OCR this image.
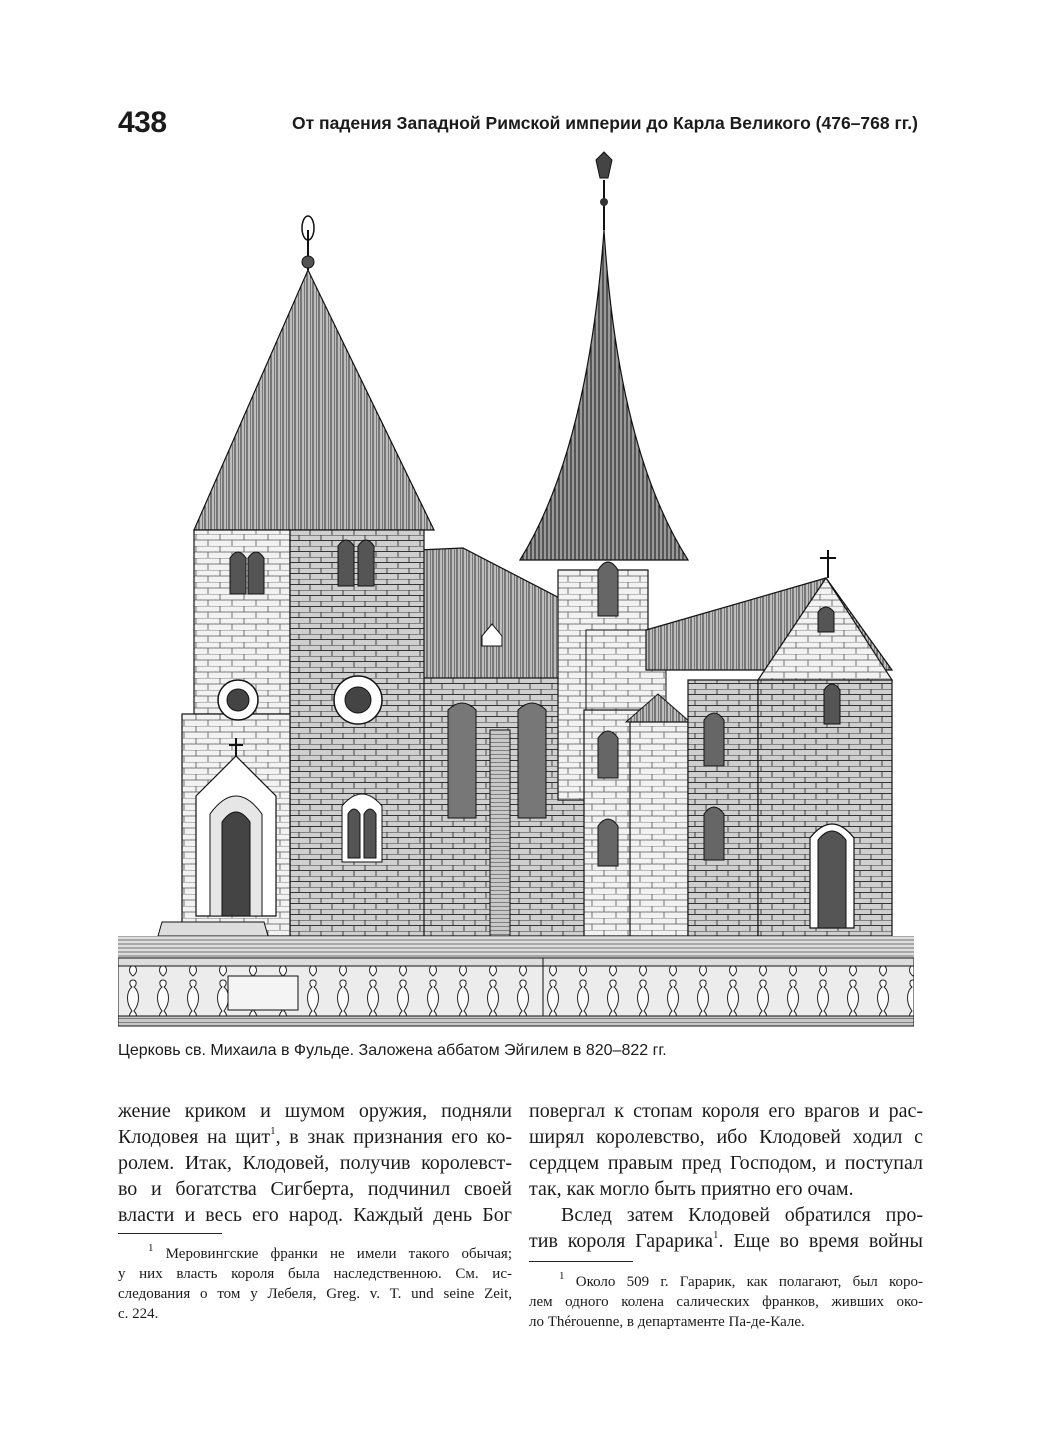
438	От падения Западной Римской империи до Карла Великого (476–768 гг.)
Церковь св. Михаила в Фульде. Заложена аббатом Эйгилем в 820–822 гг.

жение криком и шумом оружия, подняли

Клодовея на щит$^1$, в знак признания его ко-

ролем. Итак, Клодовей, получив королевст-

во и богатства Сигберта, подчинил своей

власти и весь его народ. Каждый день Бог

повергал к стопам короля его врагов и рас-

ширял королевство, ибо Клодовей ходил с

сердцем правым пред Господом, и поступал

так, как могло быть приятно его очам.

Вслед затем Клодовей обратился про-

тив короля Гарарика$^1$. Еще во время войны

$^1$ Меровингские франки не имели такого обычая;

у них власть короля была наследственною. См. ис-

следования о том у Лебеля, Greg. v. T. und seine Zeit,

с. 224.

$^1$ Около 509 г. Гарарик, как полагают, был коро-

лем одного колена салических франков, живших око-

ло Thérouenne, в департаменте Па-де-Кале.
